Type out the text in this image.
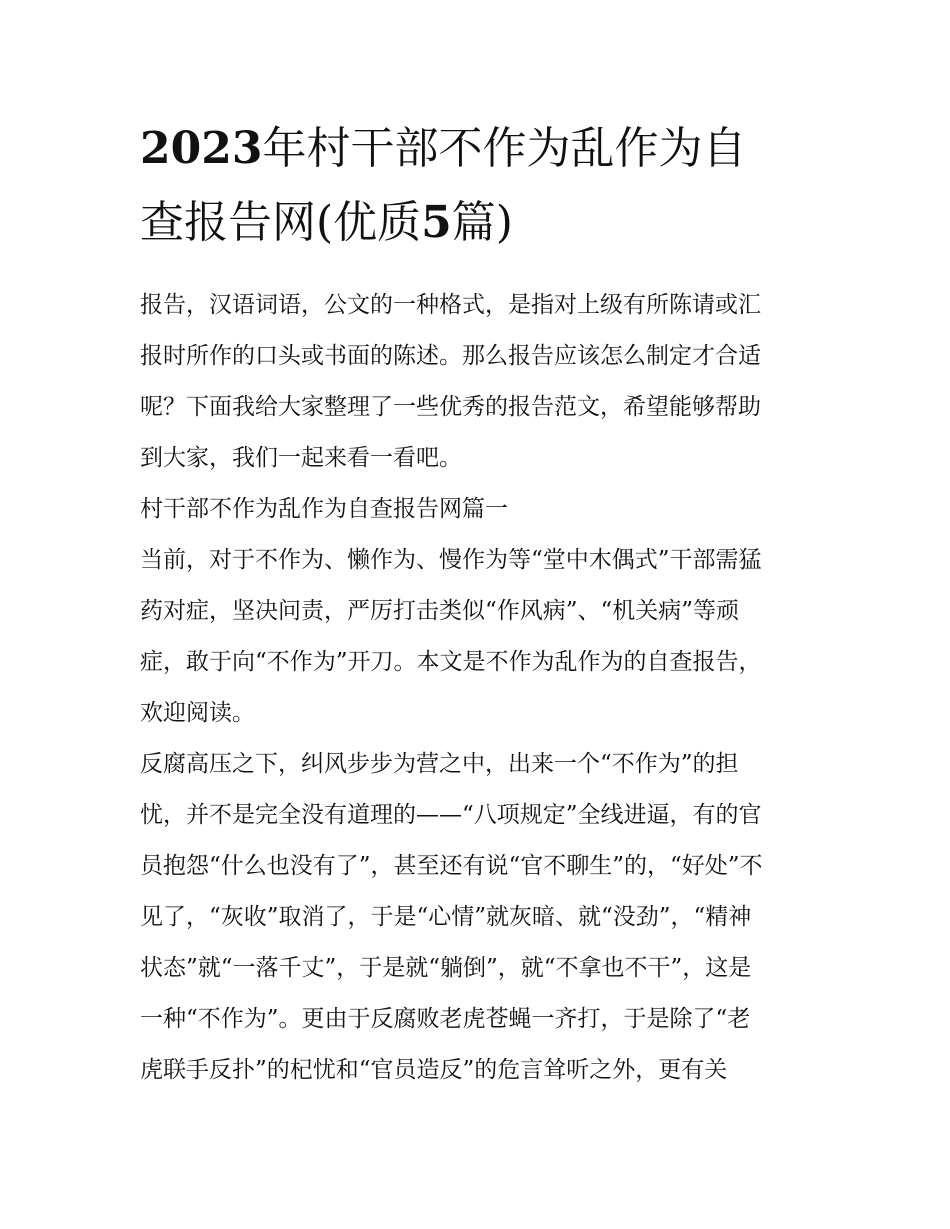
2023年村干部不作为乱作为自
查报告网(优质5篇)
报告，汉语词语，公文的一种格式，是指对上级有所陈请或汇
报时所作的口头或书面的陈述。那么报告应该怎么制定才合适
呢？下面我给大家整理了一些优秀的报告范文，希望能够帮助
到大家，我们一起来看一看吧。
村干部不作为乱作为自查报告网篇一
当前，对于不作为、懒作为、慢作为等“堂中木偶式”干部需猛
药对症，坚决问责，严厉打击类似“作风病”、“机关病”等顽
症，敢于向“不作为”开刀。本文是不作为乱作为的自查报告，
欢迎阅读。
反腐高压之下，纠风步步为营之中，出来一个“不作为”的担
忧，并不是完全没有道理的——“八项规定”全线进逼，有的官
员抱怨“什么也没有了”，甚至还有说“官不聊生”的，“好处”不
见了，“灰收”取消了，于是“心情”就灰暗、就“没劲”，“精神
状态”就“一落千丈”，于是就“躺倒”，就“不拿也不干”，这是
一种“不作为”。更由于反腐败老虎苍蝇一齐打，于是除了“老
虎联手反扑”的杞忧和“官员造反”的危言耸听之外，更有关
